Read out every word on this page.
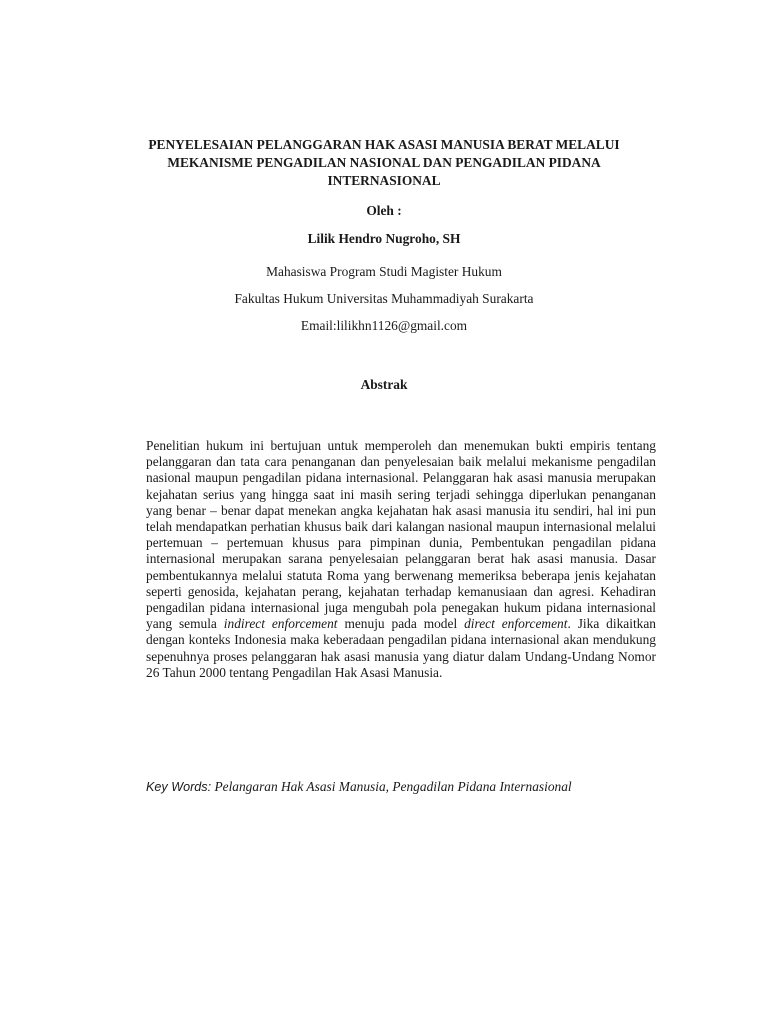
PENYELESAIAN PELANGGARAN HAK ASASI MANUSIA BERAT MELALUI
MEKANISME PENGADILAN NASIONAL DAN PENGADILAN PIDANA
INTERNASIONAL

Oleh :

Lilik Hendro Nugroho, SH

Mahasiswa Program Studi Magister Hukum

Fakultas Hukum Universitas Muhammadiyah Surakarta

Email:lilikhn1126@gmail.com

Abstrak

Penelitian hukum ini bertujuan untuk memperoleh dan menemukan bukti empiris tentang pelanggaran dan tata cara penanganan dan penyelesaian baik melalui mekanisme pengadilan nasional maupun pengadilan pidana internasional. Pelanggaran hak asasi manusia merupakan kejahatan serius yang hingga saat ini masih sering terjadi sehingga diperlukan penanganan yang benar – benar dapat menekan angka kejahatan hak asasi manusia itu sendiri, hal ini pun telah mendapatkan perhatian khusus baik dari kalangan nasional maupun internasional melalui pertemuan – pertemuan khusus para pimpinan dunia, Pembentukan pengadilan pidana internasional merupakan sarana penyelesaian pelanggaran berat hak asasi manusia. Dasar pembentukannya melalui statuta Roma yang berwenang memeriksa beberapa jenis kejahatan seperti genosida, kejahatan perang, kejahatan terhadap kemanusiaan dan agresi. Kehadiran pengadilan pidana internasional juga mengubah pola penegakan hukum pidana internasional yang semula indirect enforcement menuju pada model direct enforcement. Jika dikaitkan dengan konteks Indonesia maka keberadaan pengadilan pidana internasional akan mendukung sepenuhnya proses pelanggaran hak asasi manusia yang diatur dalam Undang-Undang Nomor 26 Tahun 2000 tentang Pengadilan Hak Asasi Manusia.

Key Words: Pelangaran Hak Asasi Manusia, Pengadilan Pidana Internasional
